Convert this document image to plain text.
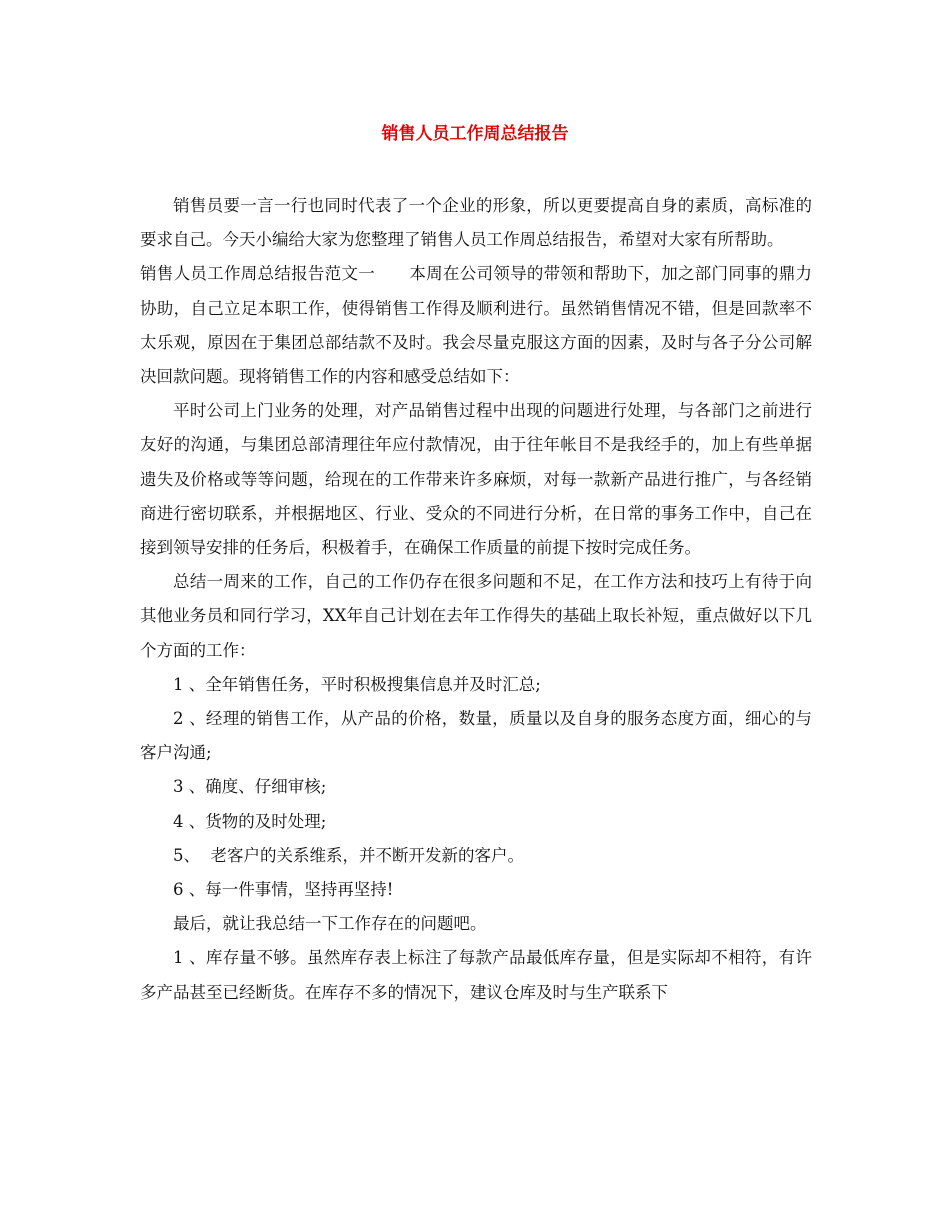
销售人员工作周总结报告

销售员要一言一行也同时代表了一个企业的形象，所以更要提高自身的素质，高标准的要求自己。今天小编给大家为您整理了销售人员工作周总结报告，希望对大家有所帮助。

销售人员工作周总结报告范文一 本周在公司领导的带领和帮助下，加之部门同事的鼎力协助，自己立足本职工作，使得销售工作得及顺利进行。虽然销售情况不错，但是回款率不太乐观，原因在于集团总部结款不及时。我会尽量克服这方面的因素，及时与各子分公司解决回款问题。现将销售工作的内容和感受总结如下：

平时公司上门业务的处理，对产品销售过程中出现的问题进行处理，与各部门之前进行友好的沟通，与集团总部清理往年应付款情况，由于往年帐目不是我经手的，加上有些单据遗失及价格或等等问题，给现在的工作带来许多麻烦，对每一款新产品进行推广，与各经销商进行密切联系，并根据地区、行业、受众的不同进行分析，在日常的事务工作中，自己在接到领导安排的任务后，积极着手，在确保工作质量的前提下按时完成任务。

总结一周来的工作，自己的工作仍存在很多问题和不足，在工作方法和技巧上有待于向其他业务员和同行学习，XX年自己计划在去年工作得失的基础上取长补短，重点做好以下几个方面的工作：

1 、全年销售任务，平时积极搜集信息并及时汇总;

2 、经理的销售工作，从产品的价格，数量，质量以及自身的服务态度方面，细心的与客户沟通;

3 、确度、仔细审核;

4 、货物的及时处理;

5、  老客户的关系维系，并不断开发新的客户。

6 、每一件事情，坚持再坚持!

最后，就让我总结一下工作存在的问题吧。

1 、库存量不够。虽然库存表上标注了每款产品最低库存量，但是实际却不相符，有许多产品甚至已经断货。在库存不多的情况下，建议仓库及时与生产联系下
